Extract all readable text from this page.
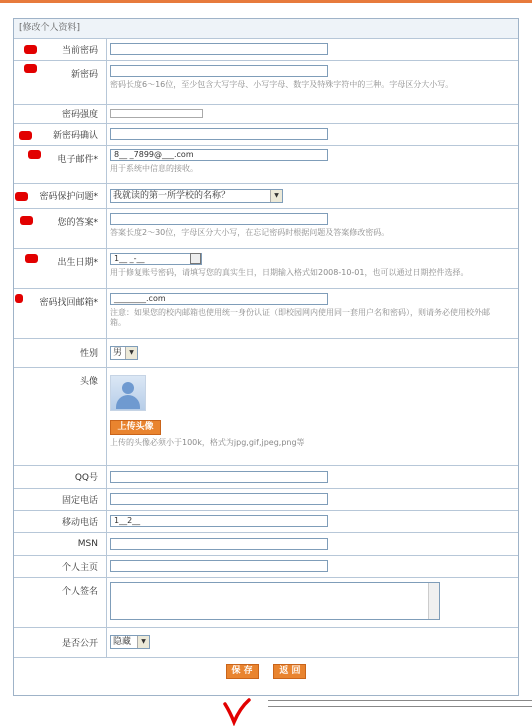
[修改个人资料]
当前密码	

新密码	密码长度6～16位，至少包含大写字母、小写字母、数字及特殊字符中的三种。字母区分大小写。

密码强度	

新密码确认	

电子邮件*	8__ _7899@___.com
用于系统中信息的接收。

密码保护问题*	我就读的第一所学校的名称？ ▼

您的答案*	答案长度2～30位，字母区分大小写，在忘记密码时根据问题及答案修改密码。

出生日期*	1__ _-__
用于修复账号密码，请填写您的真实生日，日期输入格式如2008-10-01，也可以通过日期控件选择。

密码找回邮箱*	________.com
注意：如果您的校内邮箱也使用统一身份认证（即校园网内使用同一套用户名和密码），则请务必使用校外邮箱。

性别	男 ▼

头像	上传头像
上传的头像必须小于100k，格式为jpg,gif,jpeg,png等

QQ号	
固定电话	
移动电话	1__2__
MSN	
个人主页	
个人签名	

是否公开	隐藏 ▼
保 存	返 回
